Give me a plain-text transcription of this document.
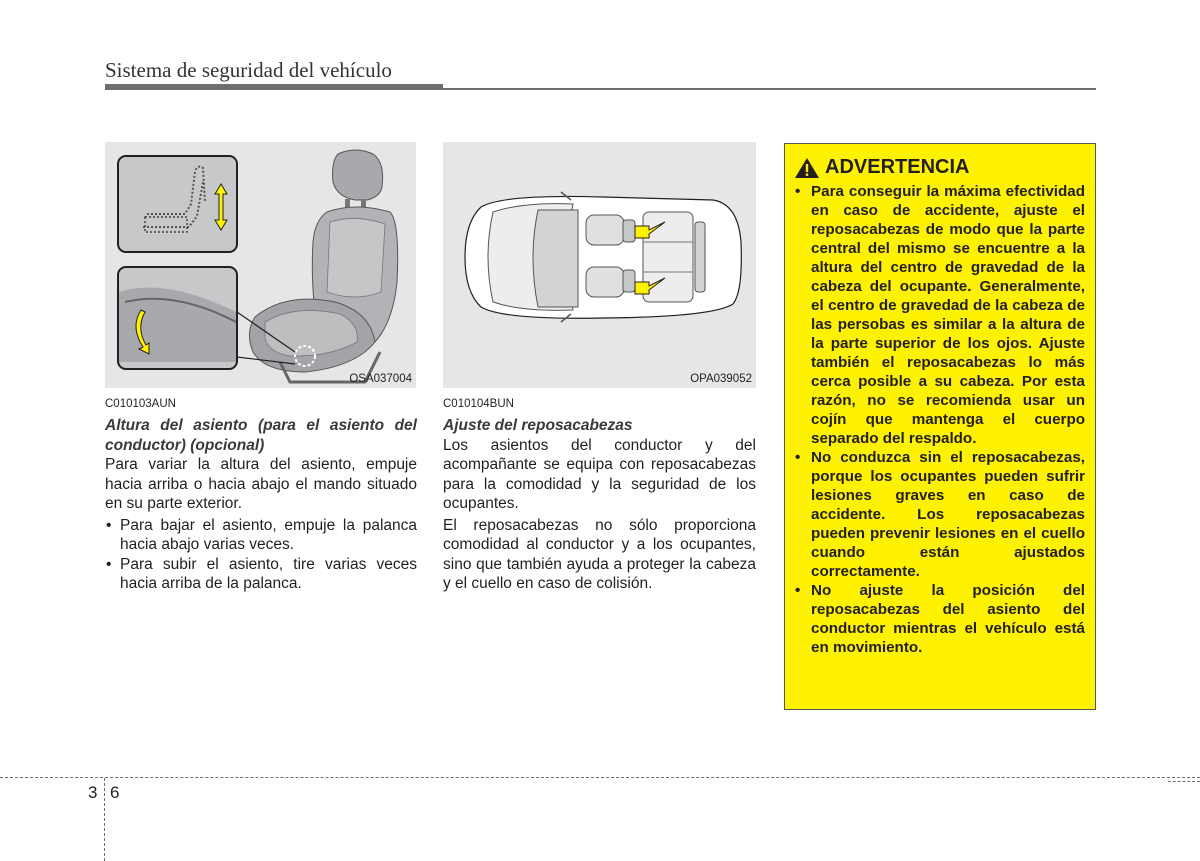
Sistema de seguridad del vehículo
OSA037004	OPA039052
C010103AUN
Altura del asiento (para el asiento del conductor) (opcional)
Para variar la altura del asiento, empuje hacia arriba o hacia abajo el mando situado en su parte exterior.
• Para bajar el asiento, empuje la palanca hacia abajo varias veces.
• Para subir el asiento, tire varias veces hacia arriba de la palanca.
C010104BUN
Ajuste del reposacabezas
Los asientos del conductor y del acompañante se equipa con reposacabezas para la comodidad y la seguridad de los ocupantes.
El reposacabezas no sólo proporciona comodidad al conductor y a los ocupantes, sino que también ayuda a proteger la cabeza y el cuello en caso de colisión.
ADVERTENCIA
• Para conseguir la máxima efectividad en caso de accidente, ajuste el reposacabezas de modo que la parte central del mismo se encuentre a la altura del centro de gravedad de la cabeza del ocupante. Generalmente, el centro de gravedad de la cabeza de las persobas es similar a la altura de la parte superior de los ojos. Ajuste también el reposacabezas lo más cerca posible a su cabeza. Por esta razón, no se recomienda usar un cojín que mantenga el cuerpo separado del respaldo.
• No conduzca sin el reposacabezas, porque los ocupantes pueden sufrir lesiones graves en caso de accidente. Los reposacabezas pueden prevenir lesiones en el cuello cuando están ajustados correctamente.
• No ajuste la posición del reposacabezas del asiento del conductor mientras el vehículo está en movimiento.
3 6
